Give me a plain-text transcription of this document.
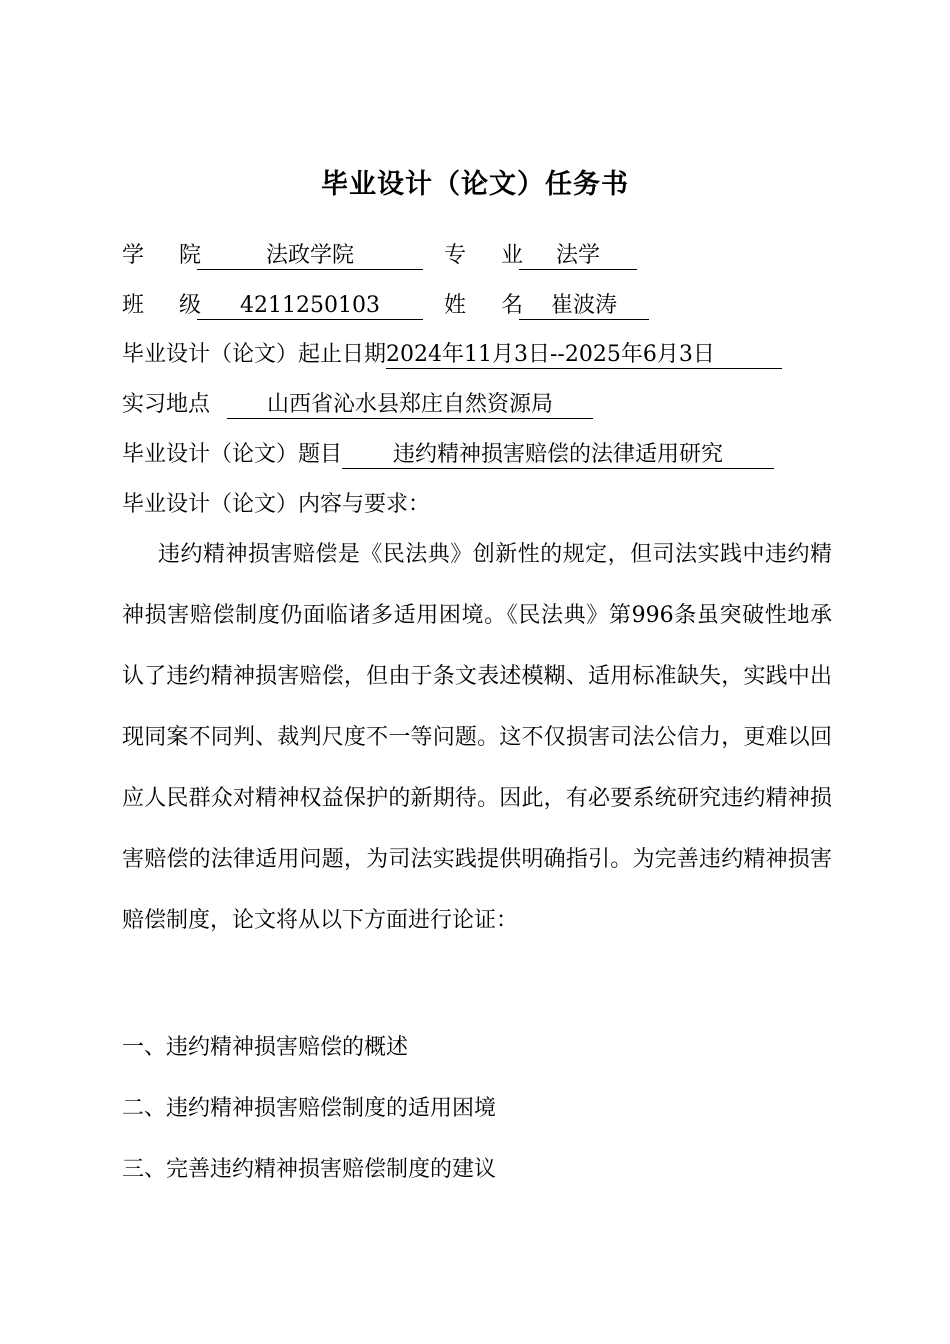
毕业设计（论文）任务书
学 院 法政学院	专 业 法学
班 级 4211250103	姓 名 崔波涛
毕业设计（论文）起止日期2024年11月3日--2025年6月3日
实习地点	山西省沁水县郑庄自然资源局
毕业设计（论文）题目 违约精神损害赔偿的法律适用研究
毕业设计（论文）内容与要求：
违约精神损害赔偿是《民法典》创新性的规定，但司法实践中违约精神损害赔偿制度仍面临诸多适用困境。《民法典》第996条虽突破性地承认了违约精神损害赔偿，但由于条文表述模糊、适用标准缺失，实践中出现同案不同判、裁判尺度不一等问题。这不仅损害司法公信力，更难以回应人民群众对精神权益保护的新期待。因此，有必要系统研究违约精神损害赔偿的法律适用问题，为司法实践提供明确指引。为完善违约精神损害赔偿制度，论文将从以下方面进行论证：
一、违约精神损害赔偿的概述
二、违约精神损害赔偿制度的适用困境
三、完善违约精神损害赔偿制度的建议
